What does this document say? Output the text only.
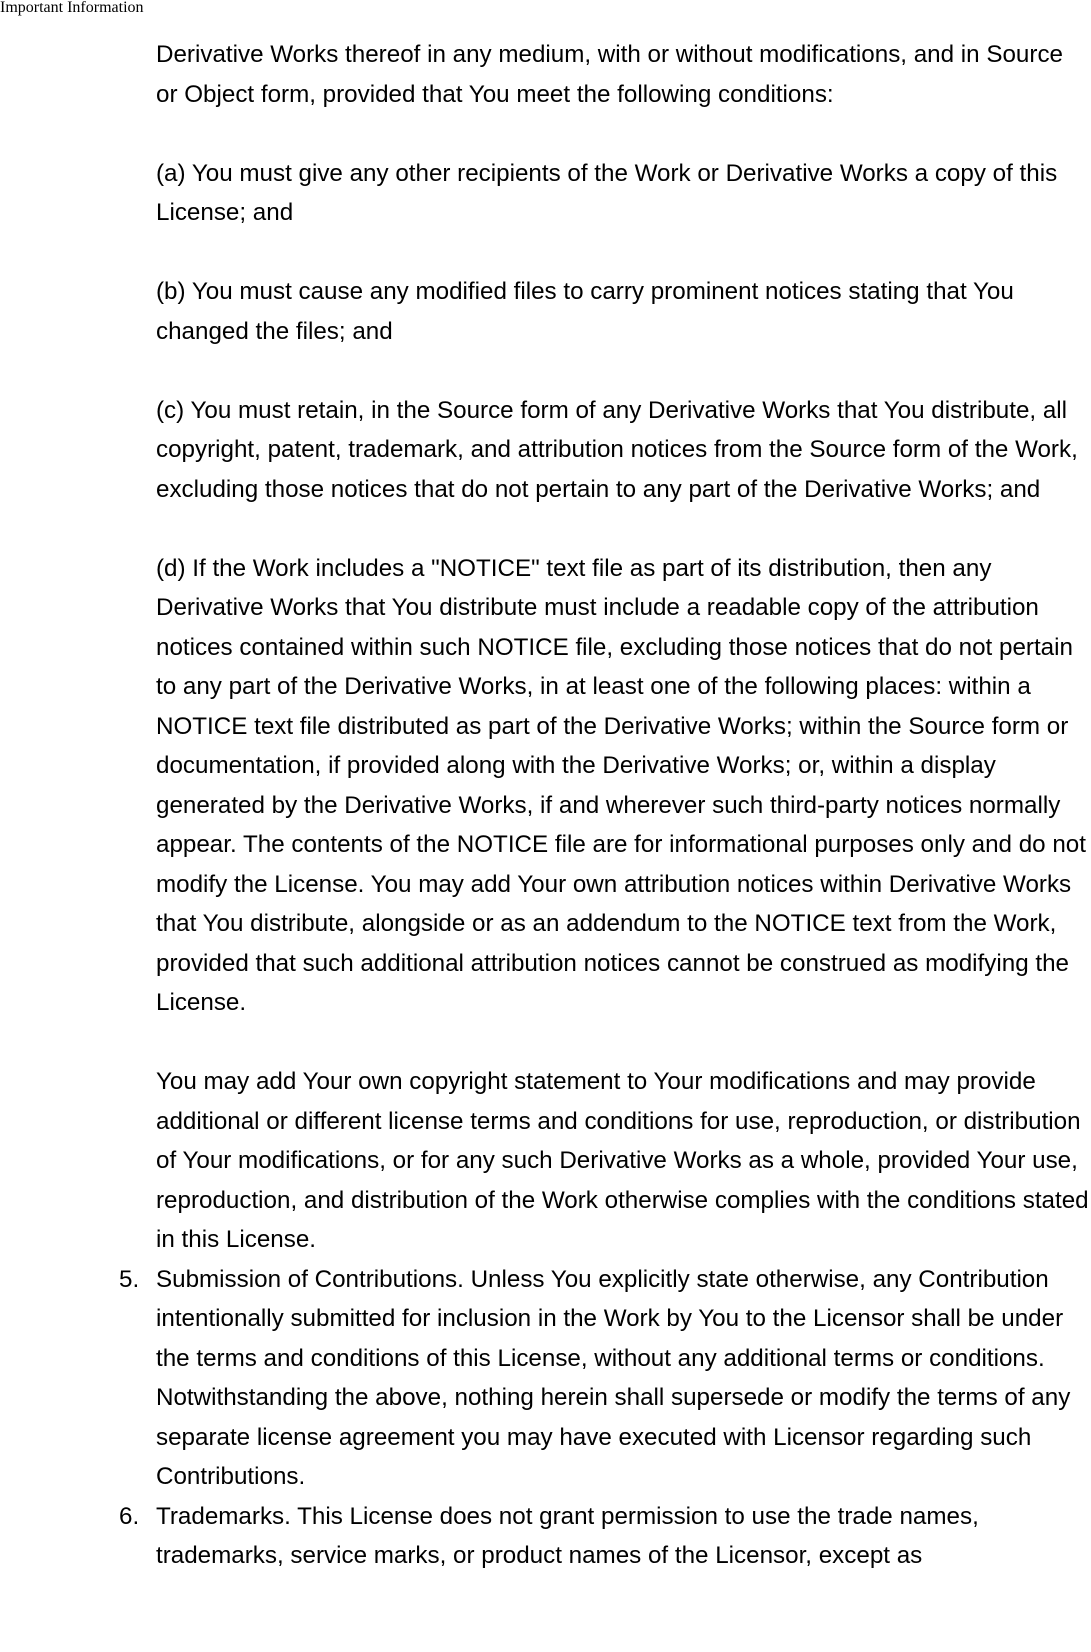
Important Information

Derivative Works thereof in any medium, with or without modifications, and in Source or Object form, provided that You meet the following conditions:

(a) You must give any other recipients of the Work or Derivative Works a copy of this License; and

(b) You must cause any modified files to carry prominent notices stating that You changed the files; and

(c) You must retain, in the Source form of any Derivative Works that You distribute, all copyright, patent, trademark, and attribution notices from the Source form of the Work, excluding those notices that do not pertain to any part of the Derivative Works; and

(d) If the Work includes a "NOTICE" text file as part of its distribution, then any Derivative Works that You distribute must include a readable copy of the attribution notices contained within such NOTICE file, excluding those notices that do not pertain to any part of the Derivative Works, in at least one of the following places: within a NOTICE text file distributed as part of the Derivative Works; within the Source form or documentation, if provided along with the Derivative Works; or, within a display generated by the Derivative Works, if and wherever such third-party notices normally appear. The contents of the NOTICE file are for informational purposes only and do not modify the License. You may add Your own attribution notices within Derivative Works that You distribute, alongside or as an addendum to the NOTICE text from the Work, provided that such additional attribution notices cannot be construed as modifying the License.

You may add Your own copyright statement to Your modifications and may provide additional or different license terms and conditions for use, reproduction, or distribution of Your modifications, or for any such Derivative Works as a whole, provided Your use, reproduction, and distribution of the Work otherwise complies with the conditions stated in this License.

5. Submission of Contributions. Unless You explicitly state otherwise, any Contribution intentionally submitted for inclusion in the Work by You to the Licensor shall be under the terms and conditions of this License, without any additional terms or conditions. Notwithstanding the above, nothing herein shall supersede or modify the terms of any separate license agreement you may have executed with Licensor regarding such Contributions.
6. Trademarks. This License does not grant permission to use the trade names, trademarks, service marks, or product names of the Licensor, except as
